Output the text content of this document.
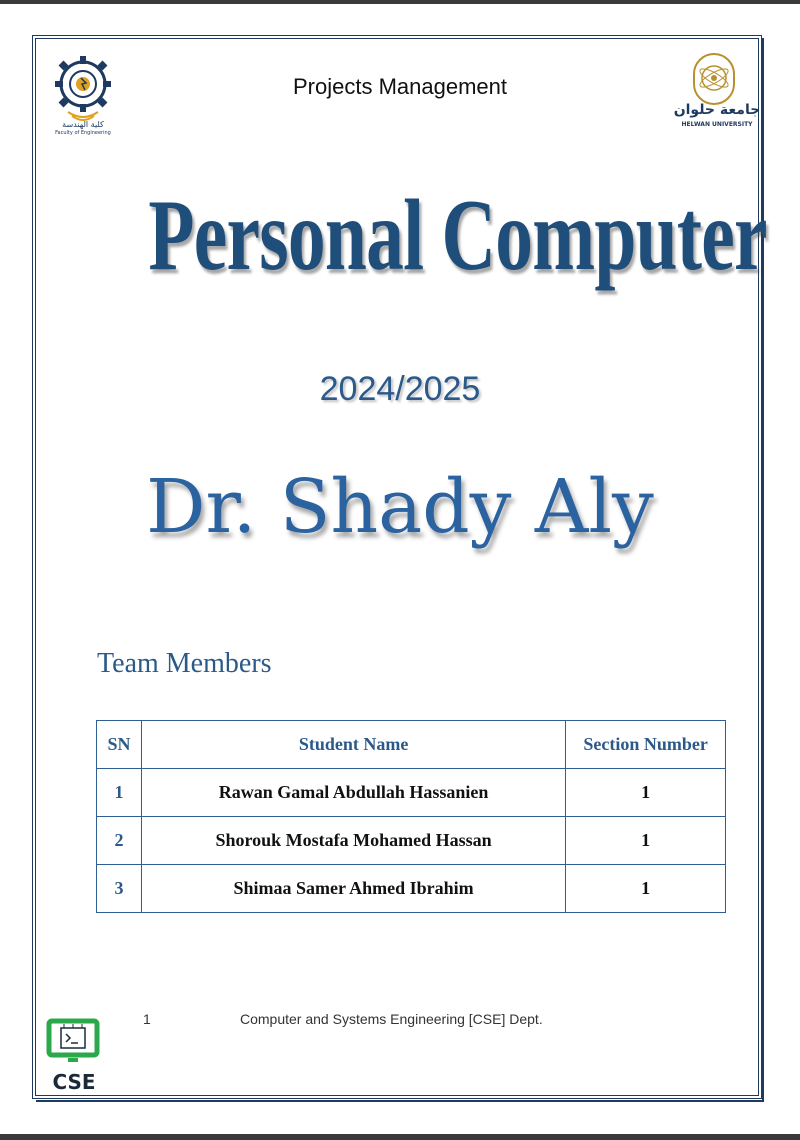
كلية الهندسة
Faculty of Engineering
Projects Management
جامعة حلوان
HELWAN UNIVERSITY
Personal Computer
2024/2025
Dr. Shady Aly
Team Members
SN	Student Name	Section Number
1	Rawan Gamal Abdullah Hassanien	1
2	Shorouk Mostafa Mohamed Hassan	1
3	Shimaa Samer Ahmed Ibrahim	1
CSE
1	Computer and Systems Engineering [CSE] Dept.
